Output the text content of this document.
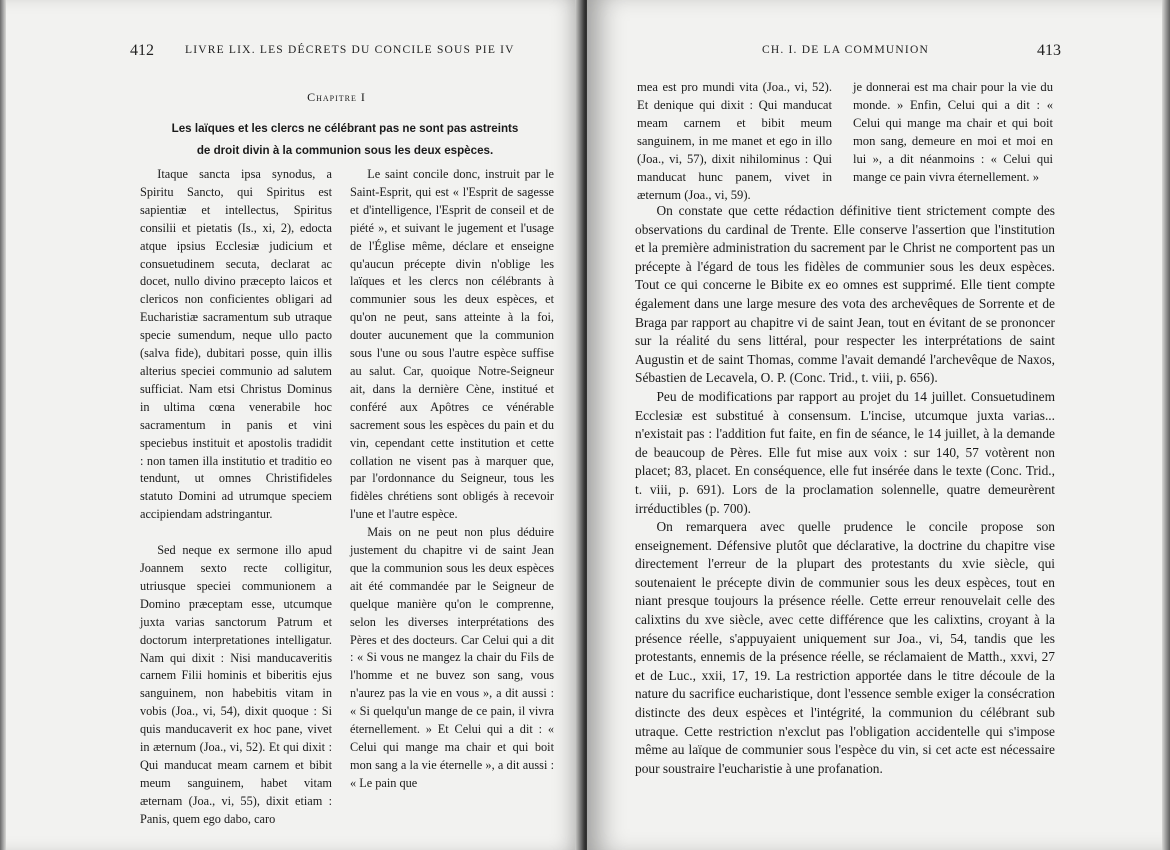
412	LIVRE LIX. LES DÉCRETS DU CONCILE SOUS PIE IV
Chapitre I
Les laïques et les clercs ne célébrant pas ne sont pas astreints
de droit divin à la communion sous les deux espèces.

Itaque sancta ipsa synodus, a Spiritu Sancto, qui Spiritus est sapientiæ et intellectus, Spiritus consilii et pietatis (Is., xi, 2), edocta atque ipsius Ecclesiæ judicium et consuetudinem secuta, declarat ac docet, nullo divino præcepto laicos et clericos non conficientes obligari ad Eucharistiæ sacramentum sub utraque specie sumendum, neque ullo pacto (salva fide), dubitari posse, quin illis alterius speciei communio ad salutem sufficiat. Nam etsi Christus Dominus in ultima cœna venerabile hoc sacramentum in panis et vini speciebus instituit et apostolis tradidit : non tamen illa institutio et traditio eo tendunt, ut omnes Christifideles statuto Domini ad utrumque speciem accipiendam adstringantur.

Sed neque ex sermone illo apud Joannem sexto recte colligitur, utriusque speciei communionem a Domino præceptam esse, utcumque juxta varias sanctorum Patrum et doctorum interpretationes intelligatur. Nam qui dixit : Nisi manducaveritis carnem Filii hominis et biberitis ejus sanguinem, non habebitis vitam in vobis (Joa., vi, 54), dixit quoque : Si quis manducaverit ex hoc pane, vivet in æternum (Joa., vi, 52). Et qui dixit : Qui manducat meam carnem et bibit meum sanguinem, habet vitam æternam (Joa., vi, 55), dixit etiam : Panis, quem ego dabo, caro

Le saint concile donc, instruit par le Saint-Esprit, qui est « l'Esprit de sagesse et d'intelligence, l'Esprit de conseil et de piété », et suivant le jugement et l'usage de l'Église même, déclare et enseigne qu'aucun précepte divin n'oblige les laïques et les clercs non célébrants à communier sous les deux espèces, et qu'on ne peut, sans atteinte à la foi, douter aucunement que la communion sous l'une ou sous l'autre espèce suffise au salut. Car, quoique Notre-Seigneur ait, dans la dernière Cène, institué et conféré aux Apôtres ce vénérable sacrement sous les espèces du pain et du vin, cependant cette institution et cette collation ne visent pas à marquer que, par l'ordonnance du Seigneur, tous les fidèles chrétiens sont obligés à recevoir l'une et l'autre espèce.

Mais on ne peut non plus déduire justement du chapitre vi de saint Jean que la communion sous les deux espèces ait été commandée par le Seigneur de quelque manière qu'on le comprenne, selon les diverses interprétations des Pères et des docteurs. Car Celui qui a dit : « Si vous ne mangez la chair du Fils de l'homme et ne buvez son sang, vous n'aurez pas la vie en vous », a dit aussi : « Si quelqu'un mange de ce pain, il vivra éternellement. » Et Celui qui a dit : « Celui qui mange ma chair et qui boit mon sang a la vie éternelle », a dit aussi : « Le pain que

CH. I. DE LA COMMUNION	413

mea est pro mundi vita (Joa., vi, 52). Et denique qui dixit : Qui manducat meam carnem et bibit meum sanguinem, in me manet et ego in illo (Joa., vi, 57), dixit nihilominus : Qui manducat hunc panem, vivet in æternum (Joa., vi, 59).

je donnerai est ma chair pour la vie du monde. » Enfin, Celui qui a dit : « Celui qui mange ma chair et qui boit mon sang, demeure en moi et moi en lui », a dit néanmoins : « Celui qui mange ce pain vivra éternellement. »

On constate que cette rédaction définitive tient strictement compte des observations du cardinal de Trente. Elle conserve l'assertion que l'institution et la première administration du sacrement par le Christ ne comportent pas un précepte à l'égard de tous les fidèles de communier sous les deux espèces. Tout ce qui concerne le Bibite ex eo omnes est supprimé. Elle tient compte également dans une large mesure des vota des archevêques de Sorrente et de Braga par rapport au chapitre vi de saint Jean, tout en évitant de se prononcer sur la réalité du sens littéral, pour respecter les interprétations de saint Augustin et de saint Thomas, comme l'avait demandé l'archevêque de Naxos, Sébastien de Lecavela, O. P. (Conc. Trid., t. viii, p. 656).

Peu de modifications par rapport au projet du 14 juillet. Consuetudinem Ecclesiæ est substitué à consensum. L'incise, utcumque juxta varias... n'existait pas : l'addition fut faite, en fin de séance, le 14 juillet, à la demande de beaucoup de Pères. Elle fut mise aux voix : sur 140, 57 votèrent non placet; 83, placet. En conséquence, elle fut insérée dans le texte (Conc. Trid., t. viii, p. 691). Lors de la proclamation solennelle, quatre demeurèrent irréductibles (p. 700).

On remarquera avec quelle prudence le concile propose son enseignement. Défensive plutôt que déclarative, la doctrine du chapitre vise directement l'erreur de la plupart des protestants du xvie siècle, qui soutenaient le précepte divin de communier sous les deux espèces, tout en niant presque toujours la présence réelle. Cette erreur renouvelait celle des calixtins du xve siècle, avec cette différence que les calixtins, croyant à la présence réelle, s'appuyaient uniquement sur Joa., vi, 54, tandis que les protestants, ennemis de la présence réelle, se réclamaient de Matth., xxvi, 27 et de Luc., xxii, 17, 19. La restriction apportée dans le titre découle de la nature du sacrifice eucharistique, dont l'essence semble exiger la consécration distincte des deux espèces et l'intégrité, la communion du célébrant sub utraque. Cette restriction n'exclut pas l'obligation accidentelle qui s'impose même au laïque de communier sous l'espèce du vin, si cet acte est nécessaire pour soustraire l'eucharistie à une profanation.
